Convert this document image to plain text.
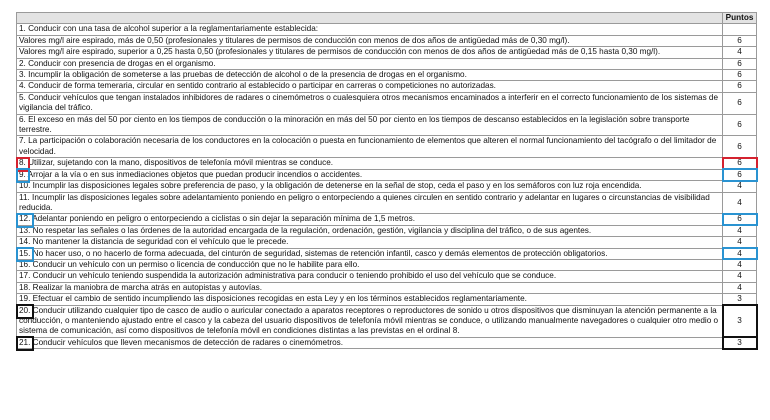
	Puntos
1. Conducir con una tasa de alcohol superior a la reglamentariamente establecida:	
Valores mg/l aire espirado, más de 0,50 (profesionales y titulares de permisos de conducción con menos de dos años de antigüedad más de 0,30 mg/l).	6
Valores mg/l aire espirado, superior a 0,25 hasta 0,50 (profesionales y titulares de permisos de conducción con menos de dos años de antigüedad más de 0,15 hasta 0,30 mg/l).	4
2. Conducir con presencia de drogas en el organismo.	6
3. Incumplir la obligación de someterse a las pruebas de detección de alcohol o de la presencia de drogas en el organismo.	6
4. Conducir de forma temeraria, circular en sentido contrario al establecido o participar en carreras o competiciones no autorizadas.	6
5. Conducir vehículos que tengan instalados inhibidores de radares o cinemómetros o cualesquiera otros mecanismos encaminados a interferir en el correcto funcionamiento de los sistemas de vigilancia del tráfico.	6
6. El exceso en más del 50 por ciento en los tiempos de conducción o la minoración en más del 50 por ciento en los tiempos de descanso establecidos en la legislación sobre transporte terrestre.	6
7. La participación o colaboración necesaria de los conductores en la colocación o puesta en funcionamiento de elementos que alteren el normal funcionamiento del tacógrafo o del limitador de velocidad.	6
8. Utilizar, sujetando con la mano, dispositivos de telefonía móvil mientras se conduce.	6
9. Arrojar a la vía o en sus inmediaciones objetos que puedan producir incendios o accidentes.	6
10. Incumplir las disposiciones legales sobre preferencia de paso, y la obligación de detenerse en la señal de stop, ceda el paso y en los semáforos con luz roja encendida.	4
11. Incumplir las disposiciones legales sobre adelantamiento poniendo en peligro o entorpeciendo a quienes circulen en sentido contrario y adelantar en lugares o circunstancias de visibilidad reducida.	4
12. Adelantar poniendo en peligro o entorpeciendo a ciclistas o sin dejar la separación mínima de 1,5 metros.	6
13. No respetar las señales o las órdenes de la autoridad encargada de la regulación, ordenación, gestión, vigilancia y disciplina del tráfico, o de sus agentes.	4
14. No mantener la distancia de seguridad con el vehículo que le precede.	4
15. No hacer uso, o no hacerlo de forma adecuada, del cinturón de seguridad, sistemas de retención infantil, casco y demás elementos de protección obligatorios.	4
16. Conducir un vehículo con un permiso o licencia de conducción que no le habilite para ello.	4
17. Conducir un vehículo teniendo suspendida la autorización administrativa para conducir o teniendo prohibido el uso del vehículo que se conduce.	4
18. Realizar la maniobra de marcha atrás en autopistas y autovías.	4
19. Efectuar el cambio de sentido incumpliendo las disposiciones recogidas en esta Ley y en los términos establecidos reglamentariamente.	3
20. Conducir utilizando cualquier tipo de casco de audio o auricular conectado a aparatos receptores o reproductores de sonido u otros dispositivos que disminuyan la atención permanente a la conducción, o manteniendo ajustado entre el casco y la cabeza del usuario dispositivos de telefonía móvil mientras se conduce, o utilizando manualmente navegadores o cualquier otro medio o sistema de comunicación, así como dispositivos de telefonía móvil en condiciones distintas a las previstas en el ordinal 8.	3
21. Conducir vehículos que lleven mecanismos de detección de radares o cinemómetros.	3
